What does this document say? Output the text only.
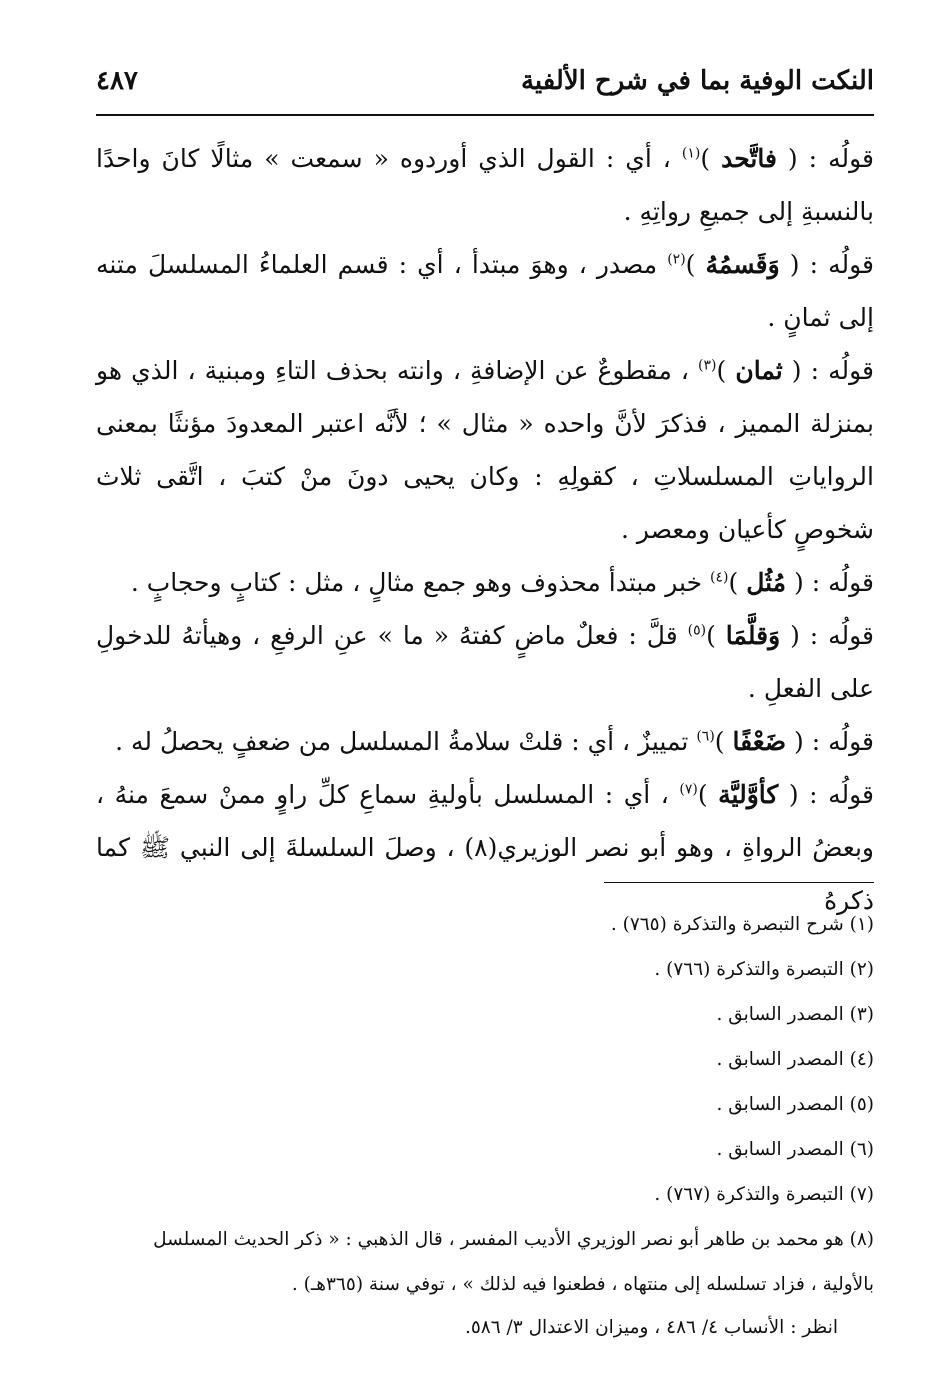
النكت الوفية بما في شرح الألفية
٤٨٧

قولُه : ( فاتَّحد )$^{(١)}$ ، أي : القول الذي أوردوه « سمعت » مثالًا كانَ واحدًا بالنسبةِ إلى جميعِ رواتِهِ .

قولُه : ( وَقَسمُهُ )$^{(٢)}$ مصدر ، وهوَ مبتدأ ، أي : قسم العلماءُ المسلسلَ متنه إلى ثمانٍ .

قولُه : ( ثمان )$^{(٣)}$ ، مقطوعٌ عن الإضافةِ ، وانته بحذف التاءِ ومبنية ، الذي هو بمنزلة المميز ، فذكرَ لأنَّ واحده « مثال » ؛ لأنَّه اعتبر المعدودَ مؤنثًا بمعنى الرواياتِ المسلسلاتِ ، كقولِهِ : وكان يحيى دونَ منْ كتبَ ، اتَّقى ثلاث شخوصٍ كأعيان ومعصر .

قولُه : ( مُثُل )$^{(٤)}$ خبر مبتدأ محذوف وهو جمع مثالٍ ، مثل : كتابٍ وحجابٍ .

قولُه : ( وَقلَّمَا )$^{(٥)}$ قلَّ : فعلٌ ماضٍ كفتهُ « ما » عنِ الرفعِ ، وهيأتهُ للدخولِ على الفعلِ .

قولُه : ( ضَعْفًا )$^{(٦)}$ تمييزٌ ، أي : قلتْ سلامةُ المسلسل من ضعفٍ يحصلُ له .

قولُه : ( كأوَّليَّة )$^{(٧)}$ ، أي : المسلسل بأوليةِ سماعِ كلِّ راوٍ ممنْ سمعَ منهُ ، وبعضُ الرواةِ ، وهو أبو نصر الوزيري(٨) ، وصلَ السلسلةَ إلى النبي ﷺ كما ذكرهُ

(١) شرح التبصرة والتذكرة (٧٦٥) .

(٢) التبصرة والتذكرة (٧٦٦) .

(٣) المصدر السابق .

(٤) المصدر السابق .

(٥) المصدر السابق .

(٦) المصدر السابق .

(٧) التبصرة والتذكرة (٧٦٧) .

(٨) هو محمد بن طاهر أبو نصر الوزيري الأديب المفسر ، قال الذهبي : « ذكر الحديث المسلسل بالأولية ، فزاد تسلسله إلى منتهاه ، فطعنوا فيه لذلك » ، توفي سنة (٣٦٥هـ) .

انظر : الأنساب ٤/ ٤٨٦ ، وميزان الاعتدال ٣/ ٥٨٦.
